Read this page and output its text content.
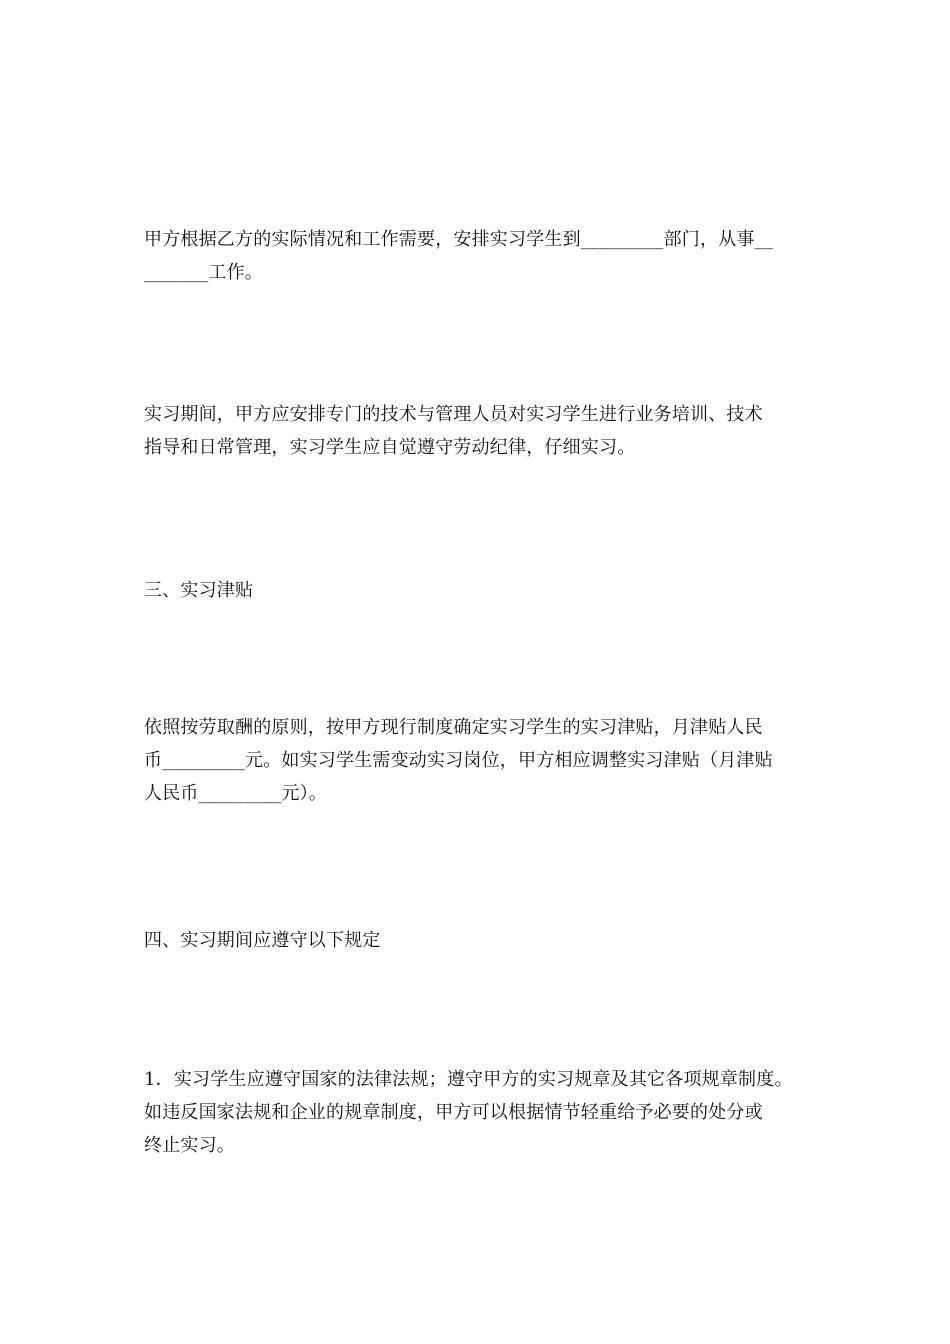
甲方根据乙方的实际情况和工作需要，安排实习学生到_________部门，从事__
_______工作。

实习期间，甲方应安排专门的技术与管理人员对实习学生进行业务培训、技术
指导和日常管理，实习学生应自觉遵守劳动纪律，仔细实习。

三、实习津贴

依照按劳取酬的原则，按甲方现行制度确定实习学生的实习津贴，月津贴人民
币_________元。如实习学生需变动实习岗位，甲方相应调整实习津贴（月津贴
人民币_________元）。

四、实习期间应遵守以下规定

1．实习学生应遵守国家的法律法规；遵守甲方的实习规章及其它各项规章制度。
如违反国家法规和企业的规章制度，甲方可以根据情节轻重给予必要的处分或
终止实习。
